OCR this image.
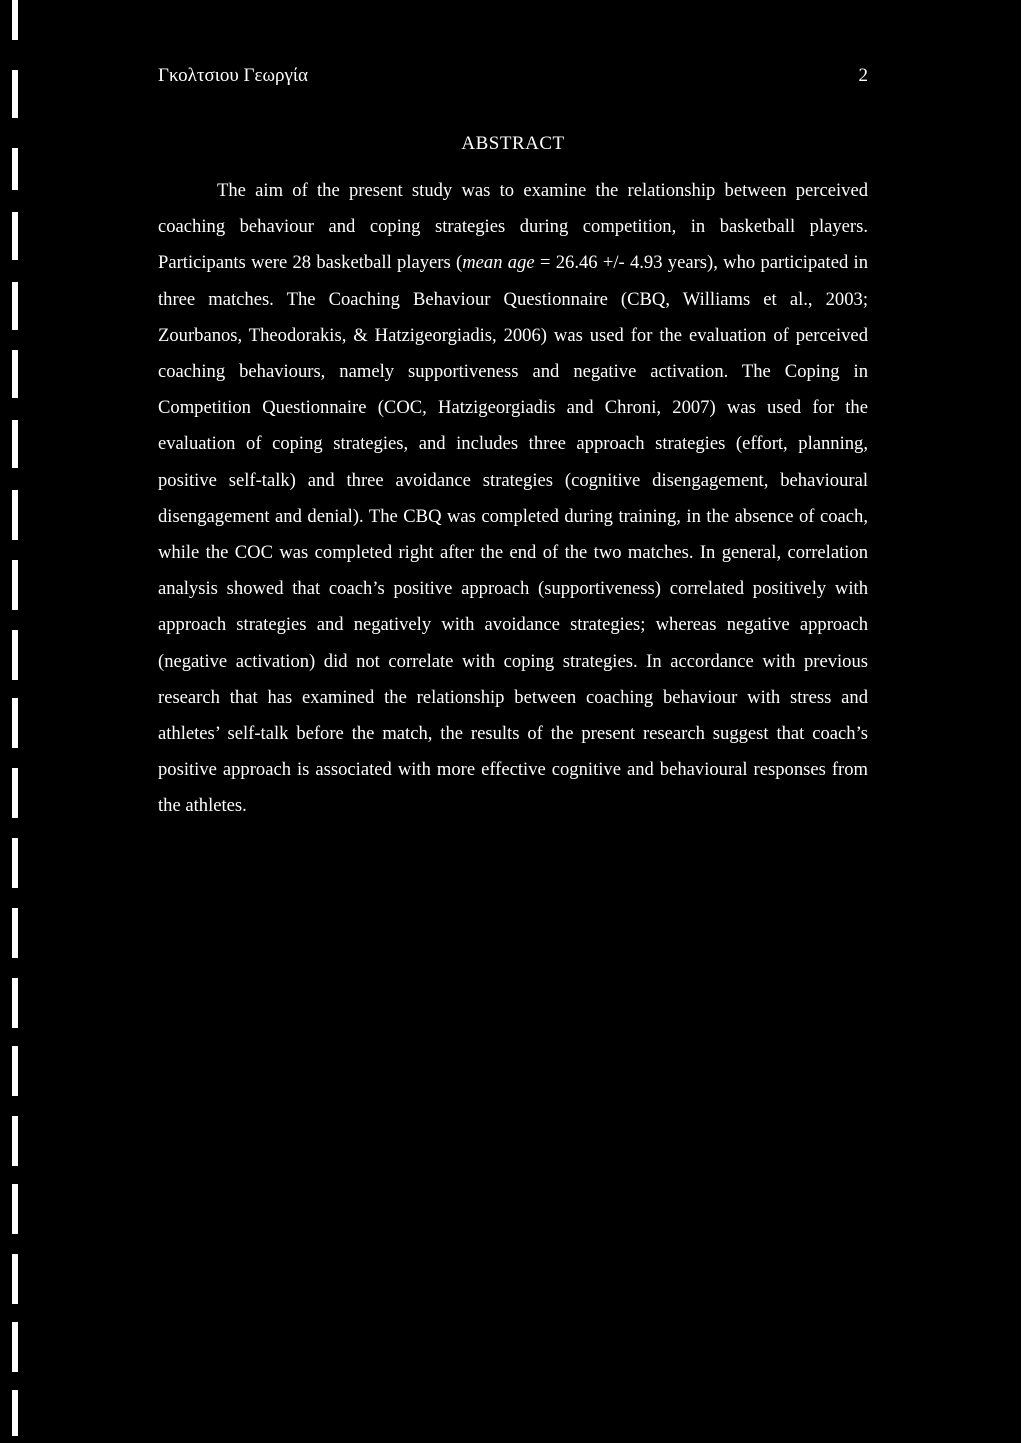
Γκολτσιου Γεωργία	2
ABSTRACT

The aim of the present study was to examine the relationship between perceived coaching behaviour and coping strategies during competition, in basketball players. Participants were 28 basketball players (mean age = 26.46 +/- 4.93 years), who participated in three matches. The Coaching Behaviour Questionnaire (CBQ, Williams et al., 2003; Zourbanos, Theodorakis, & Hatzigeorgiadis, 2006) was used for the evaluation of perceived coaching behaviours, namely supportiveness and negative activation. The Coping in Competition Questionnaire (COC, Hatzigeorgiadis and Chroni, 2007) was used for the evaluation of coping strategies, and includes three approach strategies (effort, planning, positive self-talk) and three avoidance strategies (cognitive disengagement, behavioural disengagement and denial). The CBQ was completed during training, in the absence of coach, while the COC was completed right after the end of the two matches. In general, correlation analysis showed that coach’s positive approach (supportiveness) correlated positively with approach strategies and negatively with avoidance strategies; whereas negative approach (negative activation) did not correlate with coping strategies. In accordance with previous research that has examined the relationship between coaching behaviour with stress and athletes’ self-talk before the match, the results of the present research suggest that coach’s positive approach is associated with more effective cognitive and behavioural responses from the athletes.
